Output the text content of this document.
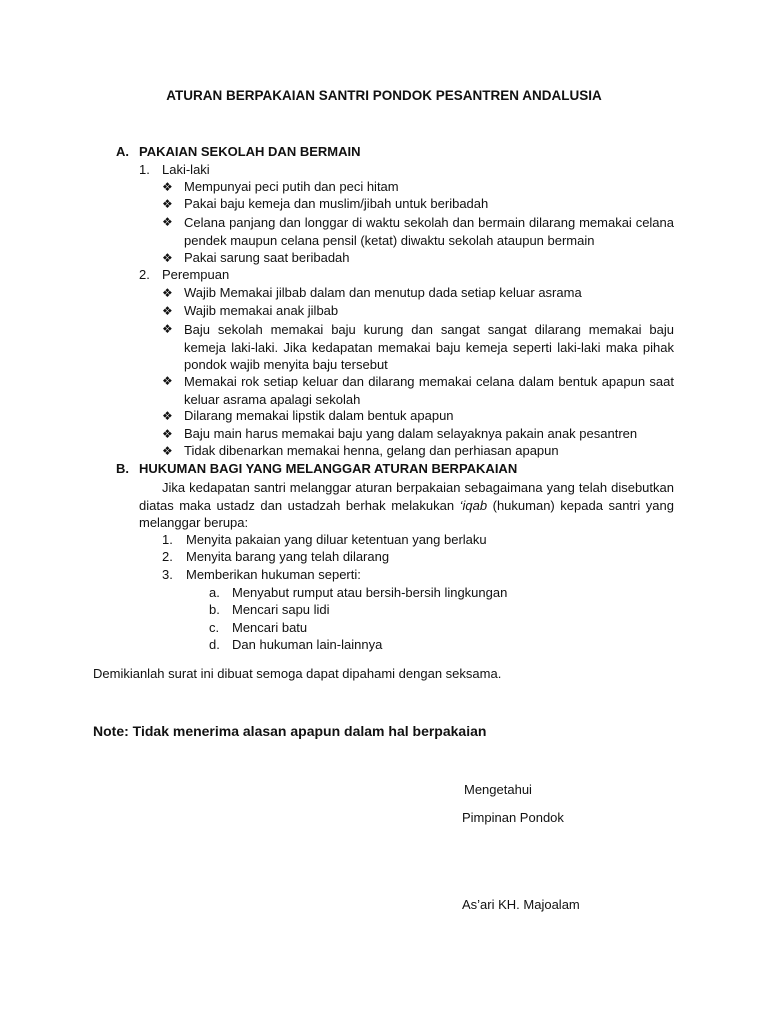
ATURAN BERPAKAIAN SANTRI PONDOK PESANTREN ANDALUSIA
A. PAKAIAN SEKOLAH DAN BERMAIN
1. Laki-laki
❖ Mempunyai peci putih dan peci hitam
❖ Pakai baju kemeja dan muslim/jibah untuk beribadah
❖ Celana panjang dan longgar di waktu sekolah dan bermain dilarang memakai celana pendek maupun celana pensil (ketat) diwaktu sekolah ataupun bermain
❖ Pakai sarung saat beribadah
2. Perempuan
❖ Wajib Memakai jilbab dalam dan menutup dada setiap keluar asrama
❖ Wajib memakai anak jilbab
❖ Baju sekolah memakai baju kurung dan sangat sangat dilarang memakai baju kemeja laki-laki. Jika kedapatan memakai baju kemeja seperti laki-laki maka pihak pondok wajib menyita baju tersebut
❖ Memakai rok setiap keluar dan dilarang memakai celana dalam bentuk apapun saat keluar asrama apalagi sekolah
❖ Dilarang memakai lipstik dalam bentuk apapun
❖ Baju main harus memakai baju yang dalam selayaknya pakain anak pesantren
❖ Tidak dibenarkan memakai henna, gelang dan perhiasan apapun
B. HUKUMAN BAGI YANG MELANGGAR ATURAN BERPAKAIAN
Jika kedapatan santri melanggar aturan berpakaian sebagaimana yang telah disebutkan diatas maka ustadz dan ustadzah berhak melakukan ‘iqab (hukuman) kepada santri yang melanggar berupa:
1. Menyita pakaian yang diluar ketentuan yang berlaku
2. Menyita barang yang telah dilarang
3. Memberikan hukuman seperti:
a. Menyabut rumput atau bersih-bersih lingkungan
b. Mencari sapu lidi
c. Mencari batu
d. Dan hukuman lain-lainnya
Demikianlah surat ini dibuat semoga dapat dipahami dengan seksama.
Note: Tidak menerima alasan apapun dalam hal berpakaian
Mengetahui
Pimpinan Pondok
As’ari KH. Majoalam
